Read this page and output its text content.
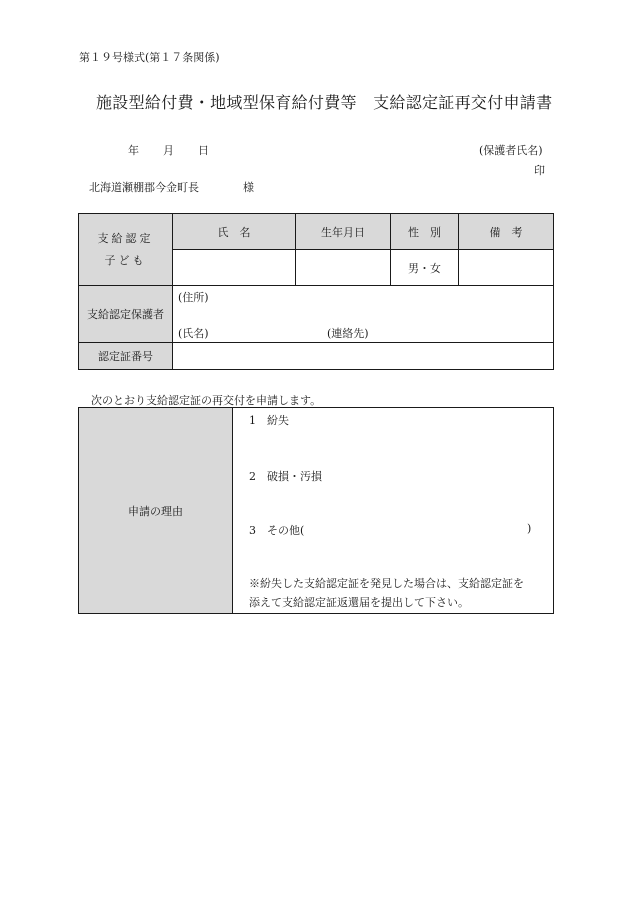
第１９号様式(第１７条関係)
施設型給付費・地域型保育給付費等　支給認定証再交付申請書
年 月 日	(保護者氏名)
印
北海道瀬棚郡今金町長	様
支給認定
子ども	氏　名	生年月日	性　別	備　考
			男・女	
支給認定保護者	(住所)
(氏名) (連絡先)			

認定証番号				
次のとおり支給認定証の再交付を申請します。
申請の理由	
1　紛失
2　破損・汚損
3　その他(	)
※紛失した支給認定証を発見した場合は、支給認定証を
添えて支給認定証返還届を提出して下さい。
